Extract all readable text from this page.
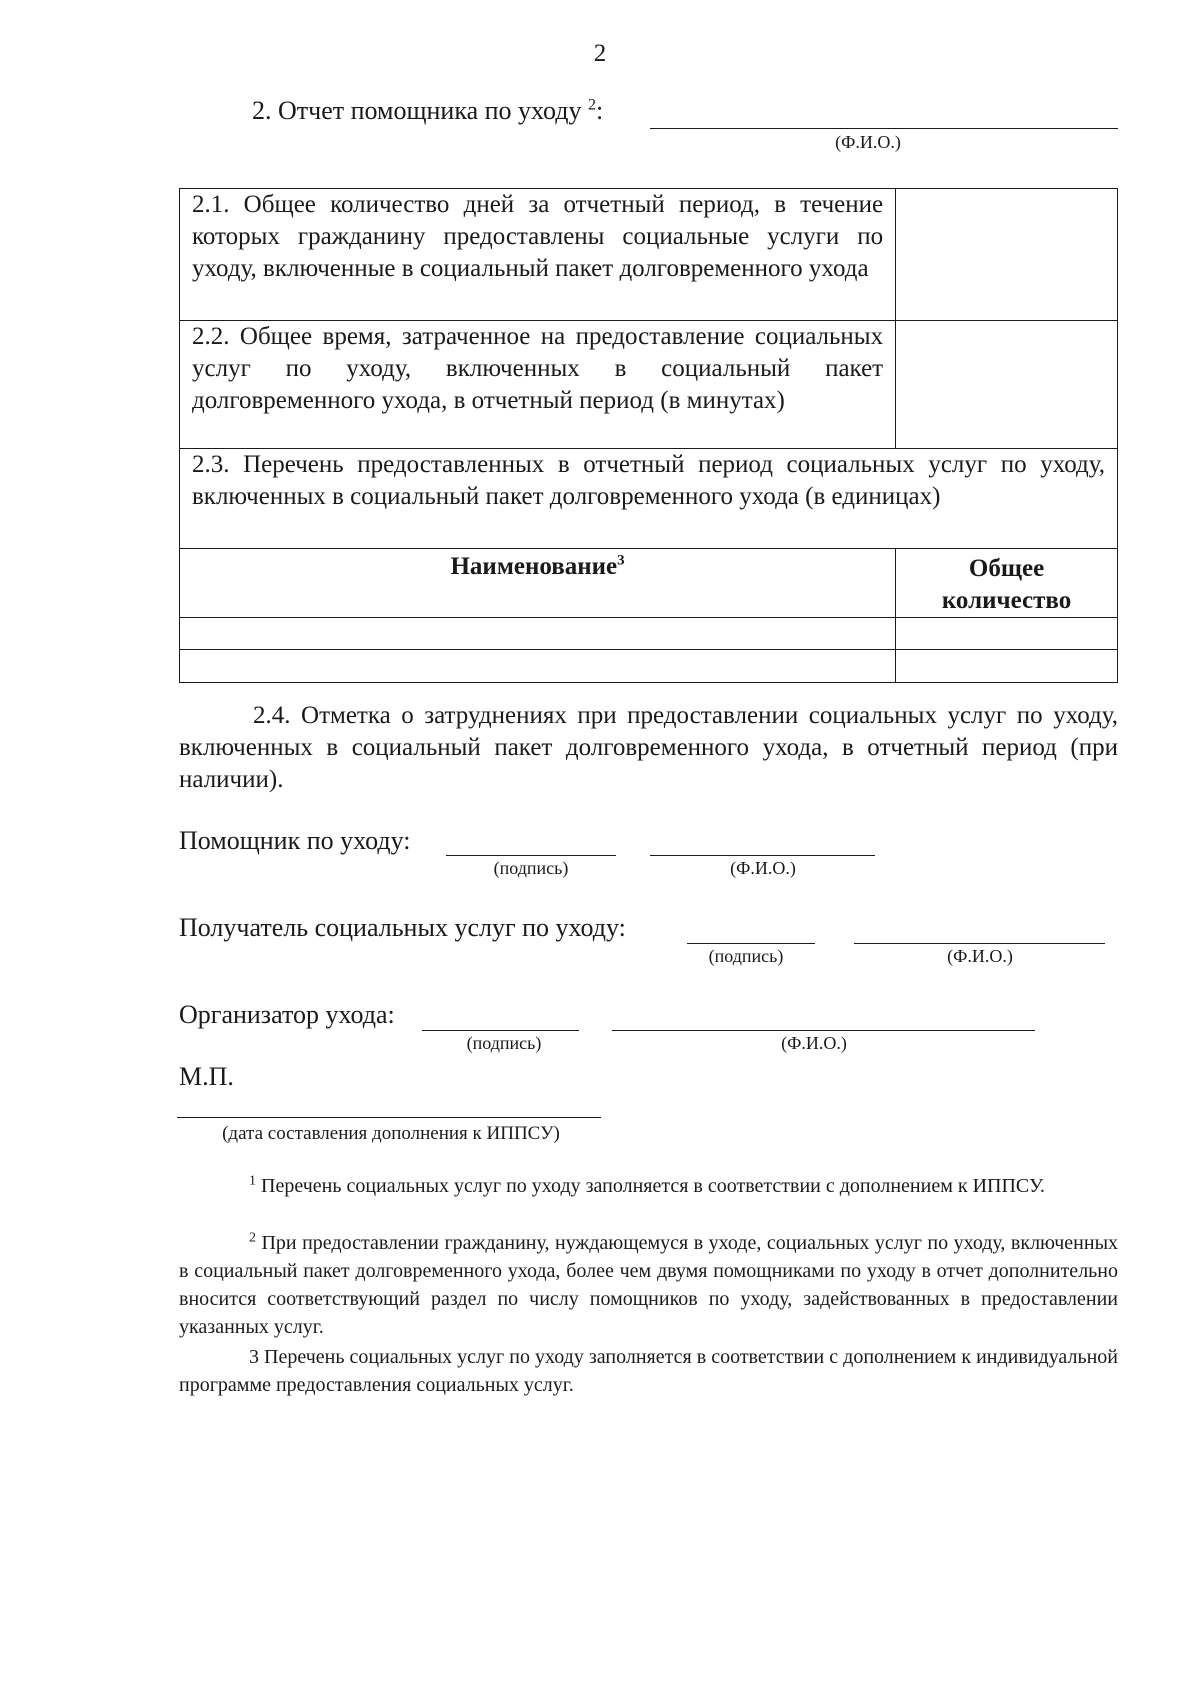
2
2. Отчет помощника по уходу $^2$:
(Ф.И.О.)
2.1. Общее количество дней за отчетный период, в течение которых гражданину предоставлены социальные услуги по уходу, включенные в социальный пакет долговременного ухода	
2.2. Общее время, затраченное на предоставление социальных услуг по уходу, включенных в социальный пакет долговременного ухода, в отчетный период (в минутах)	
2.3. Перечень предоставленных в отчетный период социальных услуг по уходу, включенных в социальный пакет долговременного ухода (в единицах)	
Наименование$^3$	Общее количество

2.4. Отметка о затруднениях при предоставлении социальных услуг по уходу, включенных в социальный пакет долговременного ухода, в отчетный период (при наличии).
Помощник по уходу:
(подпись)	(Ф.И.О.)
Получатель социальных услуг по уходу:
(подпись)	(Ф.И.О.)
Организатор ухода:
(подпись)	(Ф.И.О.)
М.П.
(дата составления дополнения к ИППСУ)
$^1$ Перечень социальных услуг по уходу заполняется в соответствии с дополнением к ИППСУ.
$^2$ При предоставлении гражданину, нуждающемуся в уходе, социальных услуг по уходу, включенных в социальный пакет долговременного ухода, более чем двумя помощниками по уходу в отчет дополнительно вносится соответствующий раздел по числу помощников по уходу, задействованных в предоставлении указанных услуг.
3 Перечень социальных услуг по уходу заполняется в соответствии с дополнением к индивидуальной программе предоставления социальных услуг.
